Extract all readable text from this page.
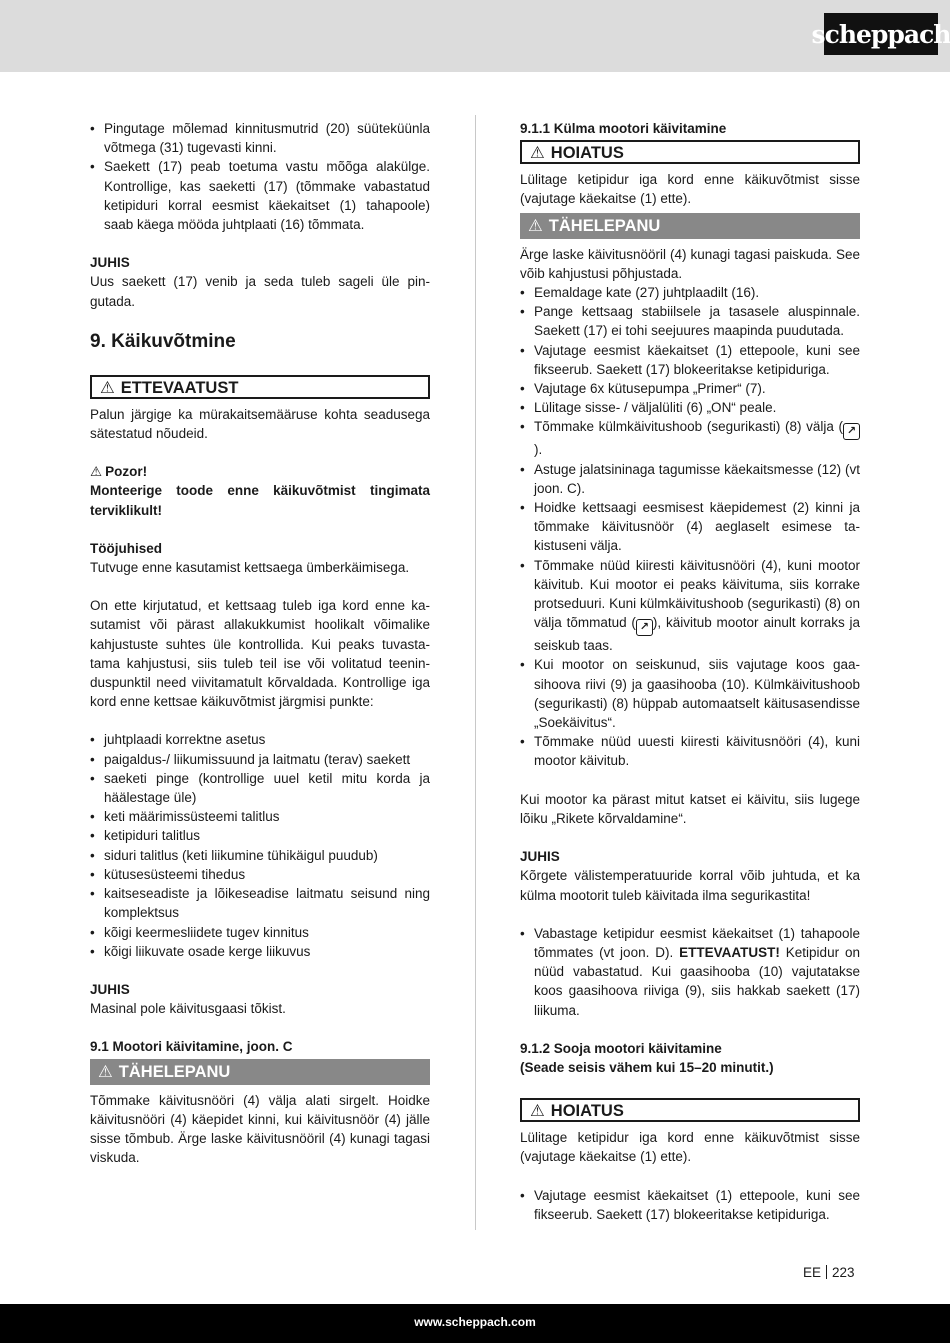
scheppach
• Pingutage mõlemad kinnitusmutrid (20) süüteküünla võtmega (31) tugevasti kinni.
• Saekett (17) peab toetuma vastu mõõga alakülge. Kontrollige, kas saeketti (17) (tõmmake vabastatud ketipiduri korral eesmist käekaitset (1) tahapoole) saab käega mööda juhtplaati (16) tõmmata.

JUHIS

Uus saekett (17) venib ja seda tuleb sageli üle pingutada.

9. Käikuvõtmine
⚠ ETTEVAATUST

Palun järgige ka mürakaitsemääruse kohta seadusega sätestatud nõudeid.

⚠ Pozor!

Monteerige toode enne käikuvõtmist tingimata terviklikult!

Tööjuhised

Tutvuge enne kasutamist kettsaega ümberkäimisega.

On ette kirjutatud, et kettsaag tuleb iga kord enne kasutamist või pärast allakukkumist hoolikalt võimalike kahjustuste suhtes üle kontrollida. Kui peaks tuvastatama kahjustusi, siis tuleb teil ise või volitatud teeninduspunktil need viivitamatult kõrvaldada. Kontrollige iga kord enne kettsae käikuvõtmist järgmisi punkte:

• juhtplaadi korrektne asetus
• paigaldus-/ liikumissuund ja laitmatu (terav) saekett
• saeketi pinge (kontrollige uuel ketil mitu korda ja häälestage üle)
• keti määrimissüsteemi talitlus
• ketipiduri talitlus
• siduri talitlus (keti liikumine tühikäigul puudub)
• kütusesüsteemi tihedus
• kaitseseadiste ja lõikeseadise laitmatu seisund ning komplektsus
• kõigi keermesliidete tugev kinnitus
• kõigi liikuvate osade kerge liikuvus

JUHIS

Masinal pole käivitusgaasi tõkist.

9.1 Mootori käivitamine, joon. C

⚠ TÄHELEPANU

Tõmmake käivitusnööri (4) välja alati sirgelt. Hoidke käivitusnööri (4) käepidet kinni, kui käivitusnöör (4) jälle sisse tõmbub. Ärge laske käivitusnööril (4) kunagi tagasi viskuda.

9.1.1 Külma mootori käivitamine

⚠ HOIATUS

Lülitage ketipidur iga kord enne käikuvõtmist sisse (vajutage käekaitse (1) ette).

⚠ TÄHELEPANU

Ärge laske käivitusnööril (4) kunagi tagasi paiskuda. See võib kahjustusi põhjustada.

• Eemaldage kate (27) juhtplaadilt (16).
• Pange kettsaag stabiilsele ja tasasele aluspinnale. Saekett (17) ei tohi seejuures maapinda puudutada.
• Vajutage eesmist käekaitset (1) ettepoole, kuni see fikseerub. Saekett (17) blokeeritakse ketipiduriga.
• Vajutage 6x kütusepumpa „Primer“ (7).
• Lülitage sisse- / väljalüliti (6) „ON“ peale.
• Tõmmake külmkäivitushoob (segurikasti) (8) välja ( ↗).
• Astuge jalatsininaga tagumisse käekaitsmesse (12) (vt joon. C).
• Hoidke kettsaagi eesmisest käepidemest (2) kinni ja tõmmake käivitusnöör (4) aeglaselt esimese takistuseni välja.
• Tõmmake nüüd kiiresti käivitusnööri (4), kuni mootor käivitub. Kui mootor ei peaks käivituma, siis korrake protseduuri. Kuni külmkäivitushoob (segurikasti) (8) on välja tõmmatud ( ↗ ), käivitub mootor ainult korraks ja seiskub taas.
• Kui mootor on seiskunud, siis vajutage koos gaasihoova riivi (9) ja gaasihooba (10). Külmkäivitushoob (segurikasti) (8) hüppab automaatselt käitusasendisse „Soekäivitus“.
• Tõmmake nüüd uuesti kiiresti käivitusnööri (4), kuni mootor käivitub.

Kui mootor ka pärast mitut katset ei käivitu, siis lugege lõiku „Rikete kõrvaldamine“.

JUHIS

Kõrgete välistemperatuuride korral võib juhtuda, et ka külma mootorit tuleb käivitada ilma segurikastita!

• Vabastage ketipidur eesmist käekaitset (1) tahapoole tõmmates (vt joon. D). ETTEVAATUST! Ketipidur on nüüd vabastatud. Kui gaasihooba (10) vajutatakse koos gaasihoova riiviga (9), siis hakkab saekett (17) liikuma.

9.1.2 Sooja mootori käivitamine

(Seade seisis vähem kui 15–20 minutit.)

⚠ HOIATUS

Lülitage ketipidur iga kord enne käikuvõtmist sisse (vajutage käekaitse (1) ette).

• Vajutage eesmist käekaitset (1) ettepoole, kuni see fikseerub. Saekett (17) blokeeritakse ketipiduriga.
EE 223
www.scheppach.com
